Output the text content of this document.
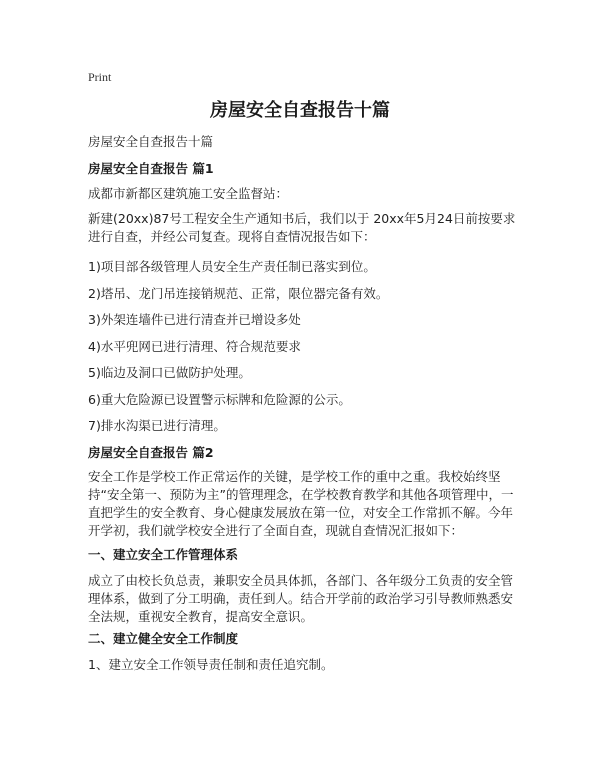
Print
房屋安全自查报告十篇

房屋安全自查报告十篇

房屋安全自查报告 篇1

成都市新都区建筑施工安全监督站：

新建(20xx)87号工程安全生产通知书后，我们以于 20xx年5月24日前按要求进行自查，并经公司复查。现将自查情况报告如下：

1)项目部各级管理人员安全生产责任制已落实到位。

2)塔吊、龙门吊连接销规范、正常，限位器完备有效。

3)外架连墙件已进行清查并已增设多处

4)水平兜网已进行清理、符合规范要求

5)临边及洞口已做防护处理。

6)重大危险源已设置警示标牌和危险源的公示。

7)排水沟渠已进行清理。

房屋安全自查报告 篇2

安全工作是学校工作正常运作的关键，是学校工作的重中之重。我校始终坚持“安全第一、预防为主”的管理理念，在学校教育教学和其他各项管理中，一直把学生的安全教育、身心健康发展放在第一位，对安全工作常抓不解。今年开学初，我们就学校安全进行了全面自查，现就自查情况汇报如下：

一、建立安全工作管理体系

成立了由校长负总责，兼职安全员具体抓，各部门、各年级分工负责的安全管理体系，做到了分工明确，责任到人。结合开学前的政治学习引导教师熟悉安全法规，重视安全教育，提高安全意识。

二、建立健全安全工作制度

1、建立安全工作领导责任制和责任追究制。
